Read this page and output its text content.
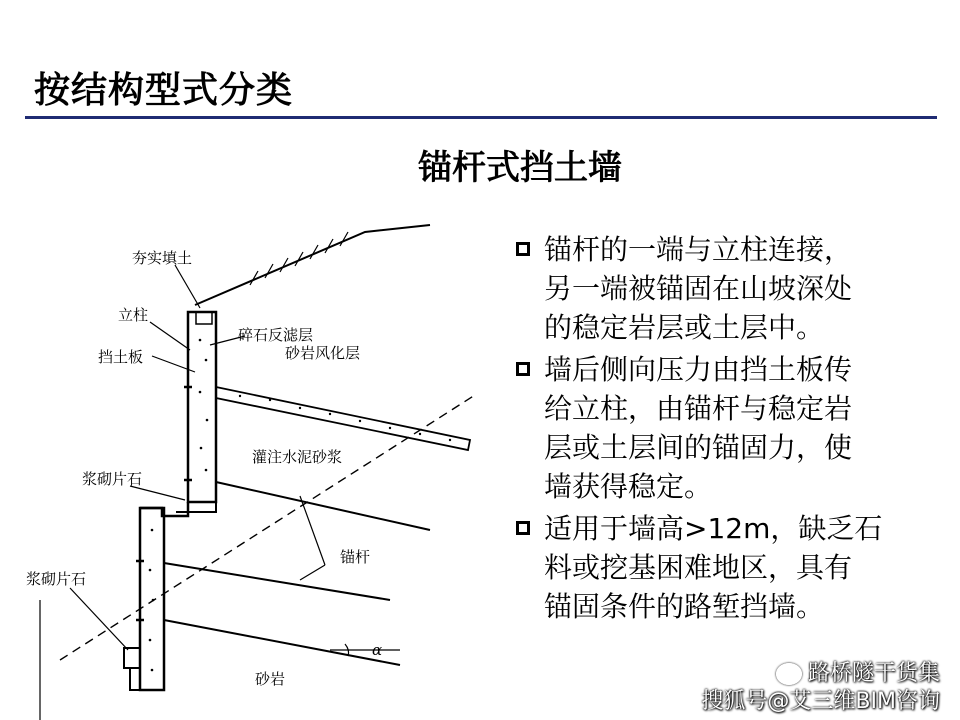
按结构型式分类
锚杆式挡土墙
夯实填土
立柱
挡土板
碎石反滤层
砂岩风化层
灌注水泥砂浆
浆砌片石
锚杆
浆砌片石
砂岩
α
锚杆的一端与立柱连接，
另一端被锚固在山坡深处
的稳定岩层或土层中。
墙后侧向压力由挡土板传
给立柱，由锚杆与稳定岩
层或土层间的锚固力，使
墙获得稳定。
适用于墙高>12m，缺乏石
料或挖基困难地区，具有
锚固条件的路堑挡墙。
路桥隧干货集
搜狐号@艾三维BIM咨询
